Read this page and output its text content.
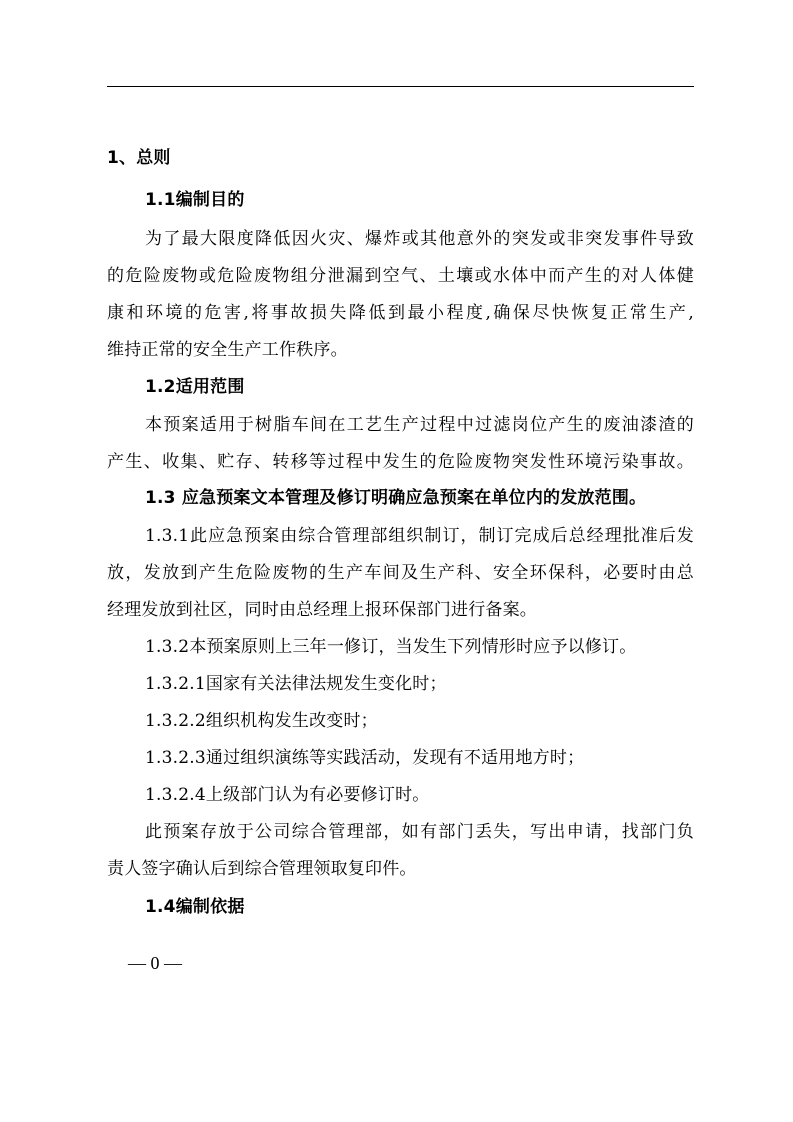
1、总则
1.1编制目的
为了最大限度降低因火灾、爆炸或其他意外的突发或非突发事件导致
的危险废物或危险废物组分泄漏到空气、土壤或水体中而产生的对人体健
康和环境的危害,将事故损失降低到最小程度,确保尽快恢复正常生产,
维持正常的安全生产工作秩序。
1.2适用范围
本预案适用于树脂车间在工艺生产过程中过滤岗位产生的废油漆渣的
产生、收集、贮存、转移等过程中发生的危险废物突发性环境污染事故。
1.3 应急预案文本管理及修订明确应急预案在单位内的发放范围。
1.3.1此应急预案由综合管理部组织制订，制订完成后总经理批准后发
放，发放到产生危险废物的生产车间及生产科、安全环保科，必要时由总
经理发放到社区，同时由总经理上报环保部门进行备案。
1.3.2本预案原则上三年一修订，当发生下列情形时应予以修订。
1.3.2.1国家有关法律法规发生变化时；
1.3.2.2组织机构发生改变时；
1.3.2.3通过组织演练等实践活动，发现有不适用地方时；
1.3.2.4上级部门认为有必要修订时。
此预案存放于公司综合管理部，如有部门丢失，写出申请，找部门负
责人签字确认后到综合管理领取复印件。
1.4编制依据
— 0 —
